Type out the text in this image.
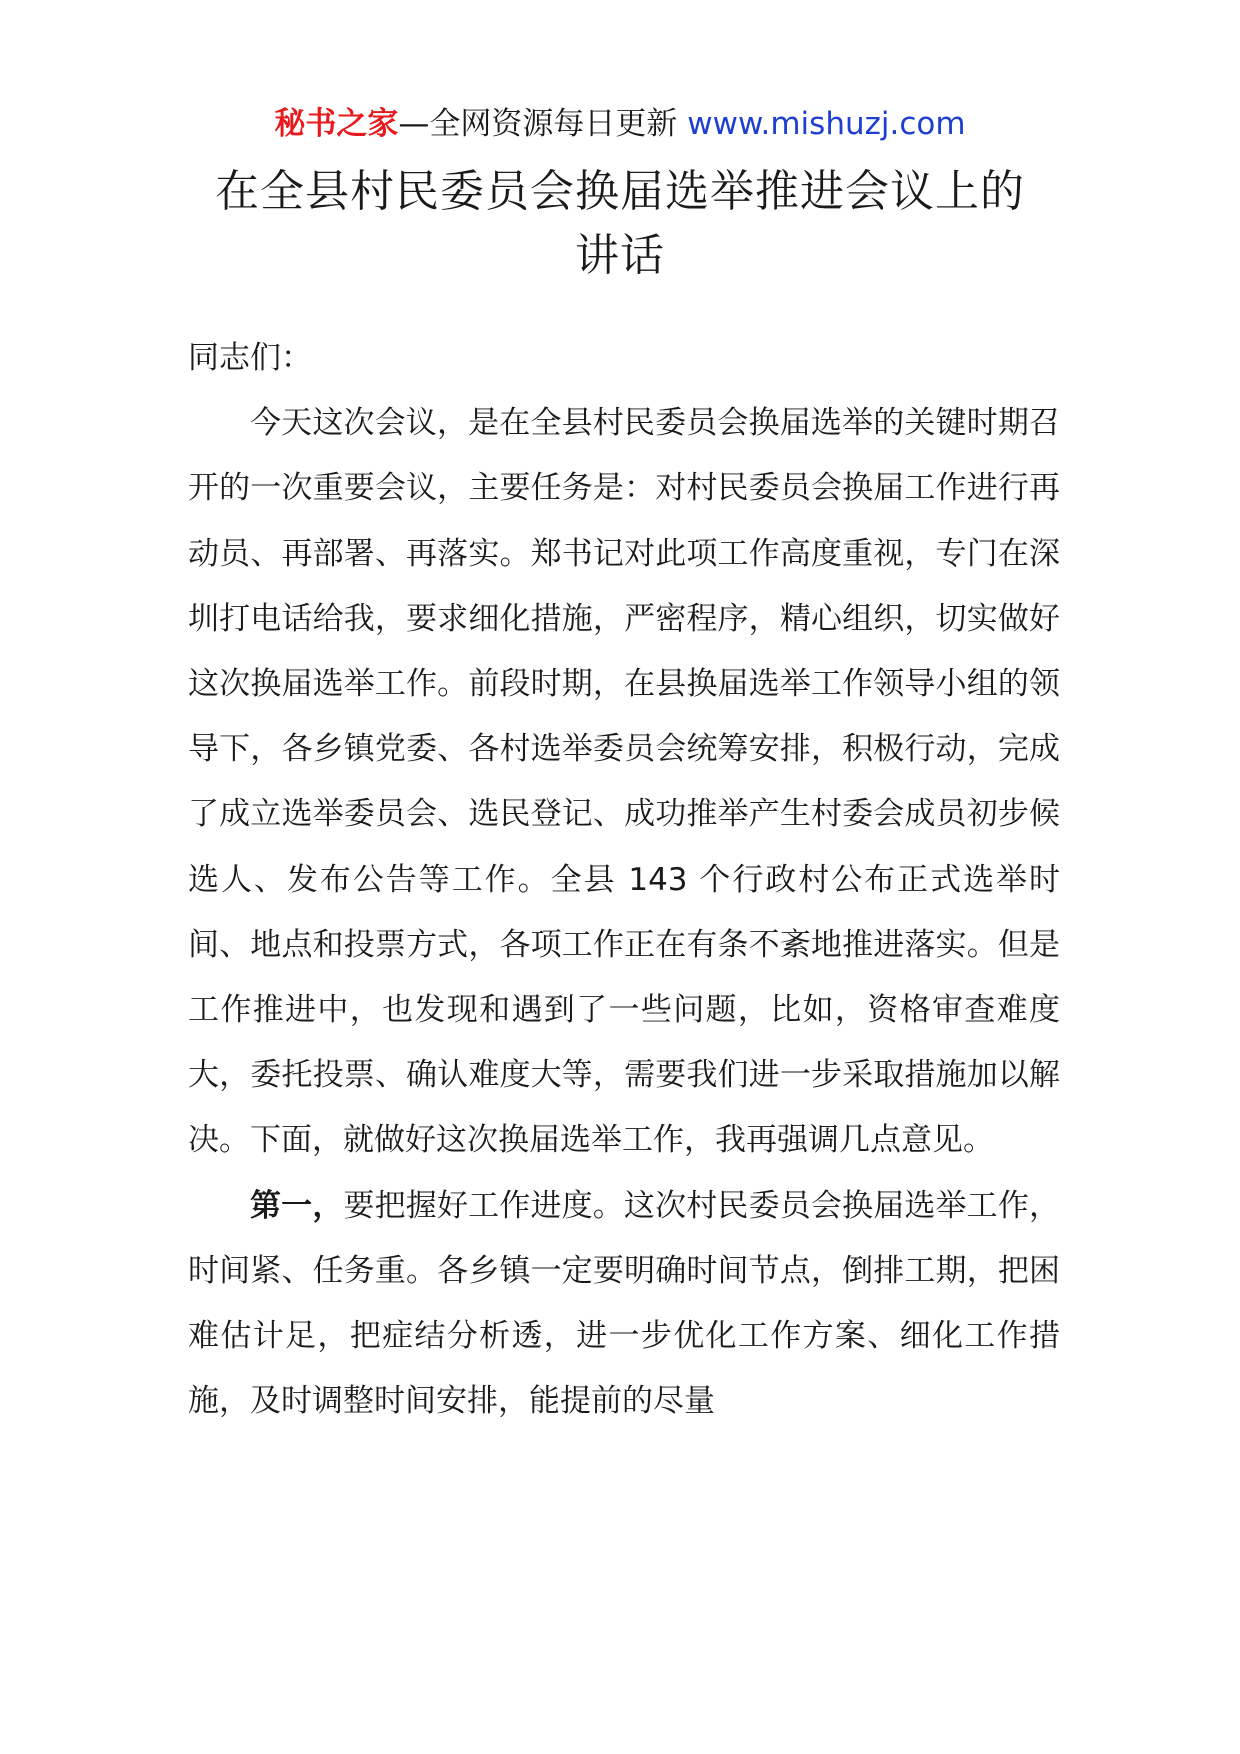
秘书之家—全网资源每日更新 www.mishuzj.com
在全县村民委员会换届选举推进会议上的
讲话

同志们：

今天这次会议，是在全县村民委员会换届选举的关键时期召开的一次重要会议，主要任务是：对村民委员会换届工作进行再动员、再部署、再落实。郑书记对此项工作高度重视，专门在深圳打电话给我，要求细化措施，严密程序，精心组织，切实做好这次换届选举工作。前段时期，在县换届选举工作领导小组的领导下，各乡镇党委、各村选举委员会统筹安排，积极行动，完成了成立选举委员会、选民登记、成功推举产生村委会成员初步候选人、发布公告等工作。全县 143 个行政村公布正式选举时间、地点和投票方式，各项工作正在有条不紊地推进落实。但是工作推进中，也发现和遇到了一些问题，比如，资格审查难度大，委托投票、确认难度大等，需要我们进一步采取措施加以解决。下面，就做好这次换届选举工作，我再强调几点意见。

第一，要把握好工作进度。这次村民委员会换届选举工作，时间紧、任务重。各乡镇一定要明确时间节点，倒排工期，把困难估计足，把症结分析透，进一步优化工作方案、细化工作措施，及时调整时间安排，能提前的尽量
